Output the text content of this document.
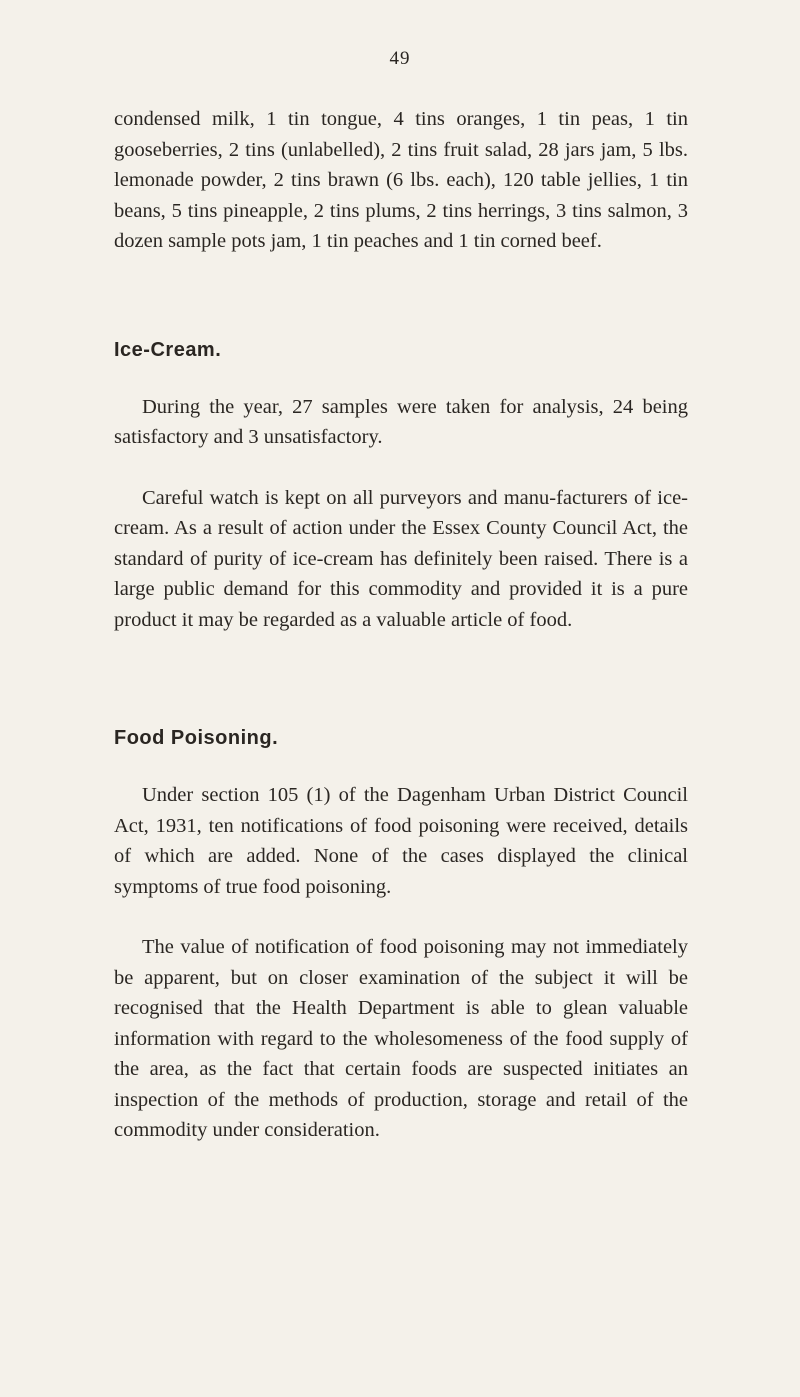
49

condensed milk, 1 tin tongue, 4 tins oranges, 1 tin peas, 1 tin gooseberries, 2 tins (unlabelled), 2 tins fruit salad, 28 jars jam, 5 lbs. lemonade powder, 2 tins brawn (6 lbs. each), 120 table jellies, 1 tin beans, 5 tins pineapple, 2 tins plums, 2 tins herrings, 3 tins salmon, 3 dozen sample pots jam, 1 tin peaches and 1 tin corned beef.

Ice-Cream.

During the year, 27 samples were taken for analysis, 24 being satisfactory and 3 unsatisfactory.

Careful watch is kept on all purveyors and manu-facturers of ice-cream. As a result of action under the Essex County Council Act, the standard of purity of ice-cream has definitely been raised. There is a large public demand for this commodity and provided it is a pure product it may be regarded as a valuable article of food.

Food Poisoning.

Under section 105 (1) of the Dagenham Urban District Council Act, 1931, ten notifications of food poisoning were received, details of which are added. None of the cases displayed the clinical symptoms of true food poisoning.

The value of notification of food poisoning may not immediately be apparent, but on closer examination of the subject it will be recognised that the Health Department is able to glean valuable information with regard to the wholesomeness of the food supply of the area, as the fact that certain foods are suspected initiates an inspection of the methods of production, storage and retail of the commodity under consideration.
